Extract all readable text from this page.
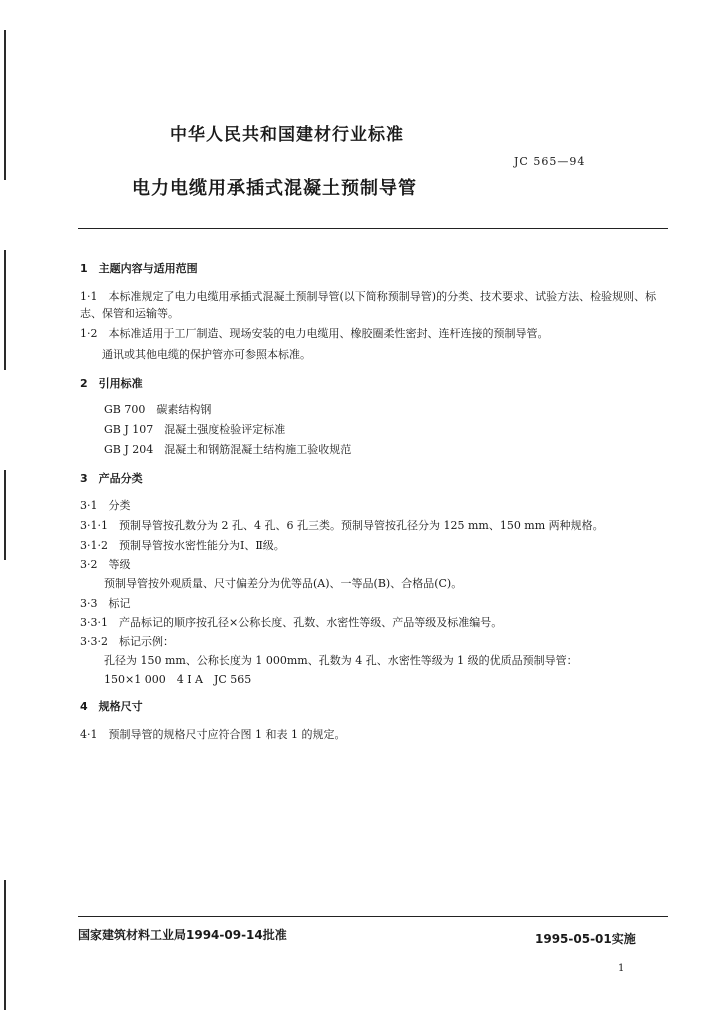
中华人民共和国建材行业标准
JC 565—94
电力电缆用承插式混凝土预制导管
1　主题内容与适用范围
1·1　本标准规定了电力电缆用承插式混凝土预制导管(以下简称预制导管)的分类、技术要求、试验方法、检验规则、标志、保管和运输等。
1·2　本标准适用于工厂制造、现场安装的电力电缆用、橡胶圈柔性密封、连杆连接的预制导管。
通讯或其他电缆的保护管亦可参照本标准。
2　引用标准
GB 700　碳素结构钢
GB J 107　混凝土强度检验评定标准
GB J 204　混凝土和钢筋混凝土结构施工验收规范
3　产品分类
3·1　分类
3·1·1　预制导管按孔数分为 2 孔、4 孔、6 孔三类。预制导管按孔径分为 125 mm、150 mm 两种规格。
3·1·2　预制导管按水密性能分为Ⅰ、Ⅱ级。
3·2　等级
预制导管按外观质量、尺寸偏差分为优等品(A)、一等品(B)、合格品(C)。
3·3　标记
3·3·1　产品标记的顺序按孔径×公称长度、孔数、水密性等级、产品等级及标准编号。
3·3·2　标记示例：
孔径为 150 mm、公称长度为 1 000mm、孔数为 4 孔、水密性等级为 1 级的优质品预制导管：
150×1 000　4 Ⅰ A　JC 565
4　规格尺寸
4·1　预制导管的规格尺寸应符合图 1 和表 1 的规定。
国家建筑材料工业局1994-09-14批准	1995-05-01实施
1
